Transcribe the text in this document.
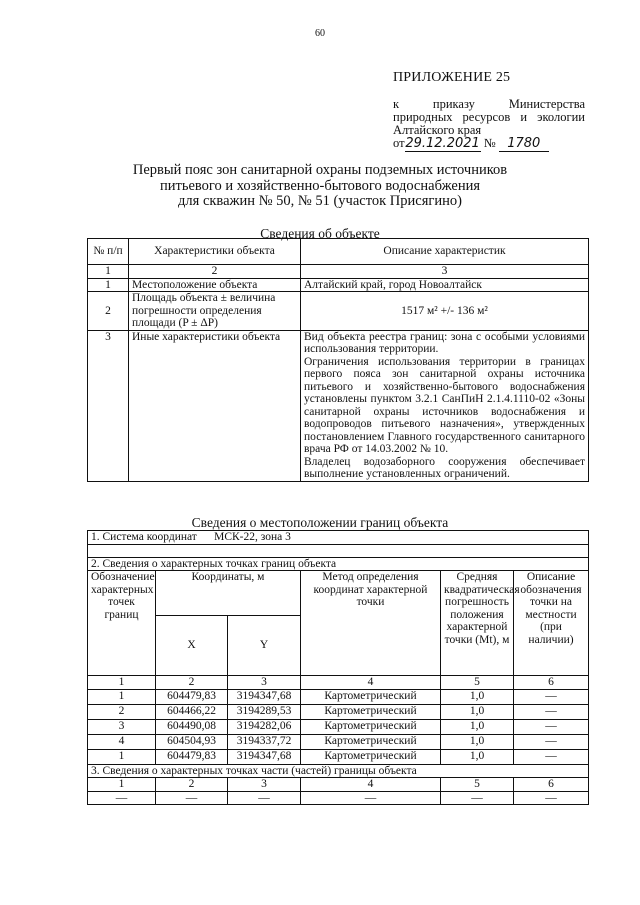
60
ПРИЛОЖЕНИЕ 25
к приказу Министерства природных ресурсов и экологии Алтайского края
от29.12.2021 № 1780
Первый пояс зон санитарной охраны подземных источников
питьевого и хозяйственно-бытового водоснабжения
для скважин № 50, № 51 (участок Присягино)
Сведения об объекте
№ п/п	Характеристики объекта	Описание характеристик
1	2	3
1	Местоположение объекта	Алтайский край, город Новоалтайск
2	Площадь объекта ± величина погрешности определения площади (P ± ΔP)	1517 м² +/- 136 м²
3	Иные характеристики объекта	Вид объекта реестра границ: зона с особыми условиями использования территории.
Ограничения использования территории в границах первого пояса зон санитарной охраны источника питьевого и хозяйственно-бытового водоснабжения установлены пунктом 3.2.1 СанПиН 2.1.4.1110-02 «Зоны санитарной охраны источников водоснабжения и водопроводов питьевого назначения», утвержденных постановлением Главного государственного санитарного врача РФ от 14.03.2002 № 10.
Владелец водозаборного сооружения обеспечивает выполнение установленных ограничений.
Сведения о местоположении границ объекта
1. Система координат МСК-22, зона 3					

2. Сведения о характерных точках границ объекта					
Обозначение характерных точек границ	Координаты, м		Метод определения координат характерной точки	Средняя квадратическая погрешность положения характерной точки (Mt), м	Описание обозначения точки на местности (при наличии)
	X	Y			
1	2	3	4	5	6
1	604479,83	3194347,68	Картометрический	1,0	—
2	604466,22	3194289,53	Картометрический	1,0	—
3	604490,08	3194282,06	Картометрический	1,0	—
4	604504,93	3194337,72	Картометрический	1,0	—
1	604479,83	3194347,68	Картометрический	1,0	—
3. Сведения о характерных точках части (частей) границы объекта					
1	2	3	4	5	6
—	—	—	—	—	—
